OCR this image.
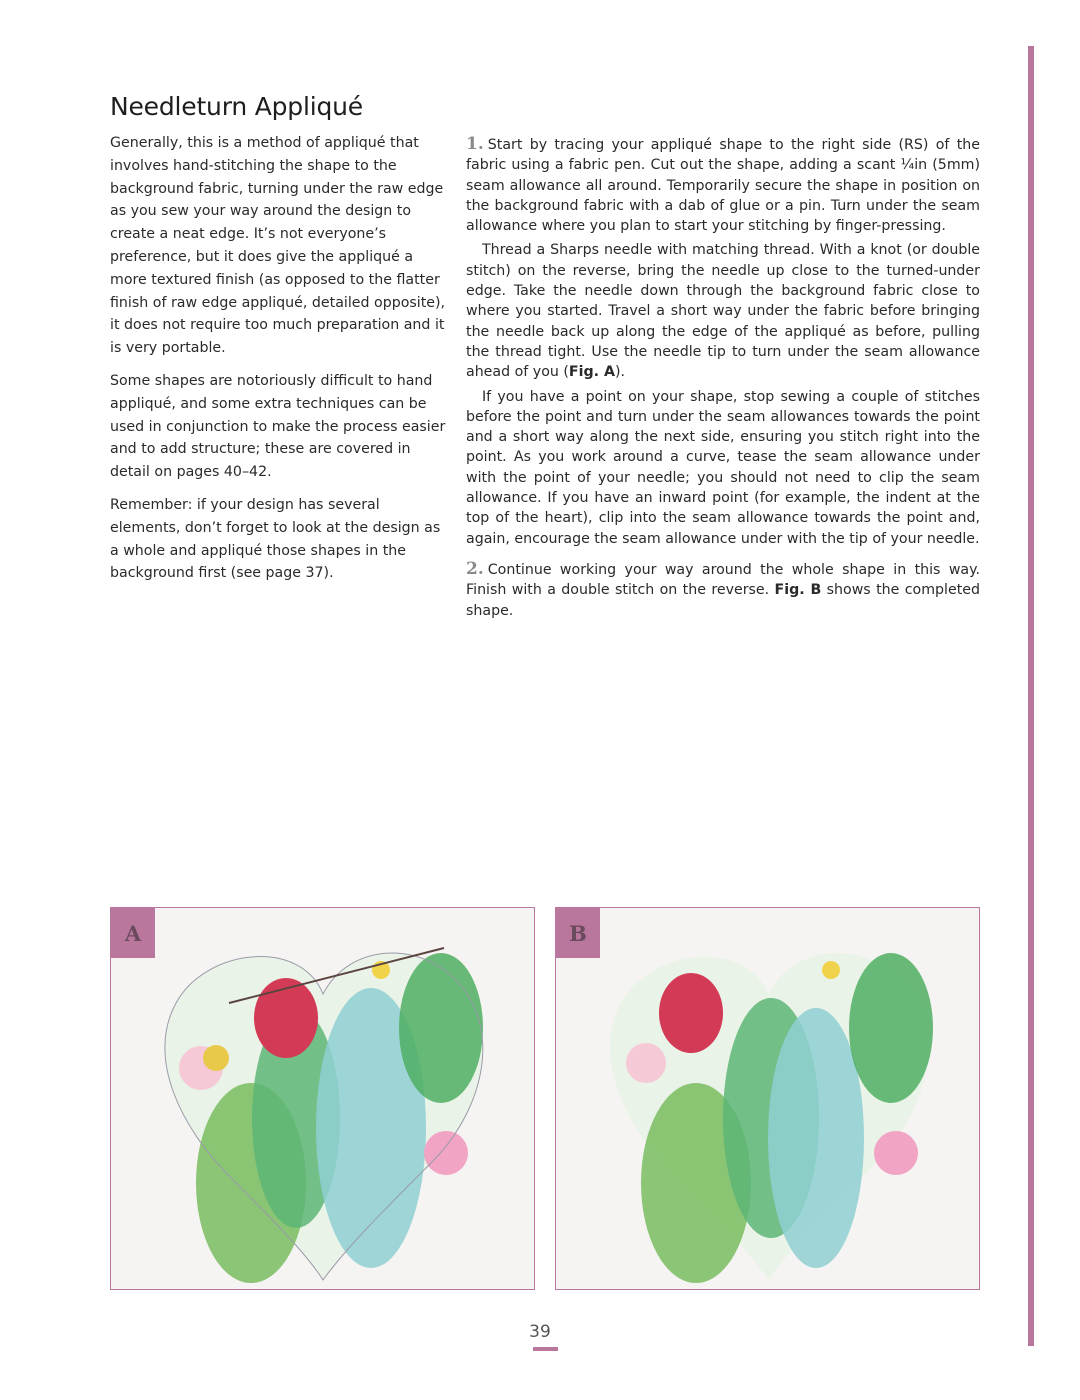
Needleturn Appliqué

Generally, this is a method of appliqué that involves hand-stitching the shape to the background fabric, turning under the raw edge as you sew your way around the design to create a neat edge. It’s not everyone’s preference, but it does give the appliqué a more textured finish (as opposed to the flatter finish of raw edge appliqué, detailed opposite), it does not require too much preparation and it is very portable.

Some shapes are notoriously difficult to hand appliqué, and some extra techniques can be used in conjunction to make the process easier and to add structure; these are covered in detail on pages 40–42.

Remember: if your design has several elements, don’t forget to look at the design as a whole and appliqué those shapes in the background first (see page 37).

1. Start by tracing your appliqué shape to the right side (RS) of the fabric using a fabric pen. Cut out the shape, adding a scant ¼in (5mm) seam allowance all around. Temporarily secure the shape in position on the background fabric with a dab of glue or a pin. Turn under the seam allowance where you plan to start your stitching by finger-pressing.

Thread a Sharps needle with matching thread. With a knot (or double stitch) on the reverse, bring the needle up close to the turned-under edge. Take the needle down through the background fabric close to where you started. Travel a short way under the fabric before bringing the needle back up along the edge of the appliqué as before, pulling the thread tight. Use the needle tip to turn under the seam allowance ahead of you (Fig. A).

If you have a point on your shape, stop sewing a couple of stitches before the point and turn under the seam allowances towards the point and a short way along the next side, ensuring you stitch right into the point. As you work around a curve, tease the seam allowance under with the point of your needle; you should not need to clip the seam allowance. If you have an inward point (for example, the indent at the top of the heart), clip into the seam allowance towards the point and, again, encourage the seam allowance under with the tip of your needle.

2. Continue working your way around the whole shape in this way. Finish with a double stitch on the reverse. Fig. B shows the completed shape.

A	B
39
